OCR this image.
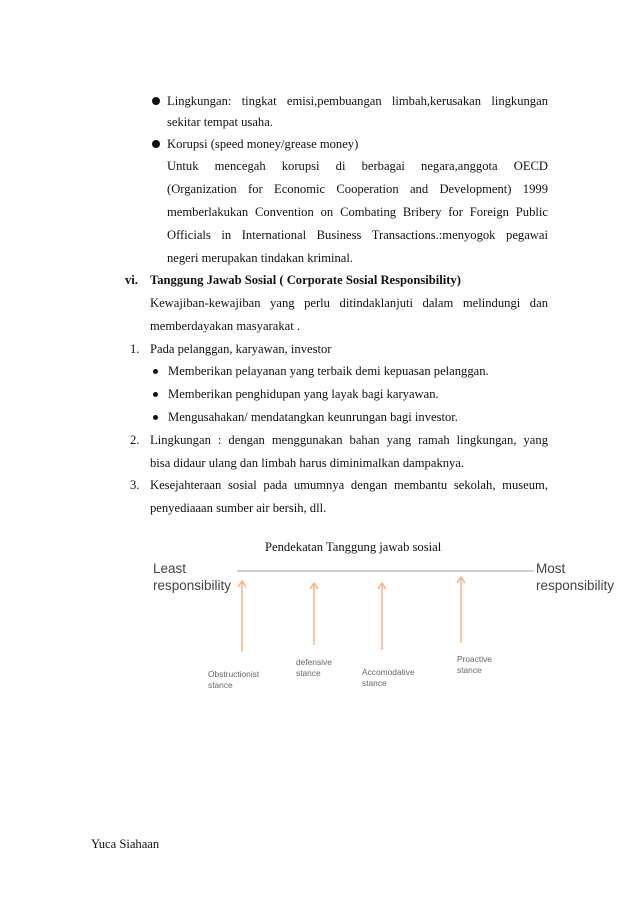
Lingkungan: tingkat emisi,pembuangan limbah,kerusakan lingkungan
sekitar tempat usaha.
Korupsi (speed money/grease money)
Untuk mencegah korupsi di berbagai negara,anggota OECD
(Organization for Economic Cooperation and Development) 1999
memberlakukan Convention on Combating Bribery for Foreign Public
Officials in International Business Transactions.:menyogok pegawai
negeri merupakan tindakan kriminal.
vi. Tanggung Jawab Sosial ( Corporate Sosial Responsibility)
Kewajiban-kewajiban yang perlu ditindaklanjuti dalam melindungi dan
memberdayakan masyarakat .
1. Pada pelanggan, karyawan, investor
Memberikan pelayanan yang terbaik demi kepuasan pelanggan.
Memberikan penghidupan yang layak bagi karyawan.
Mengusahakan/ mendatangkan keunrungan bagi investor.
2. Lingkungan : dengan menggunakan bahan yang ramah lingkungan, yang
bisa didaur ulang dan limbah harus diminimalkan dampaknya.
3. Kesejahteraan sosial pada umumnya dengan membantu sekolah, museum,
penyediaaan sumber air bersih, dll.
Pendekatan Tanggung jawab sosial
Least
responsibility
Most
responsibility
Obstructionist
stance
defensive
stance	Accomodative
stance
Proactive
stance
Yuca Siahaan
